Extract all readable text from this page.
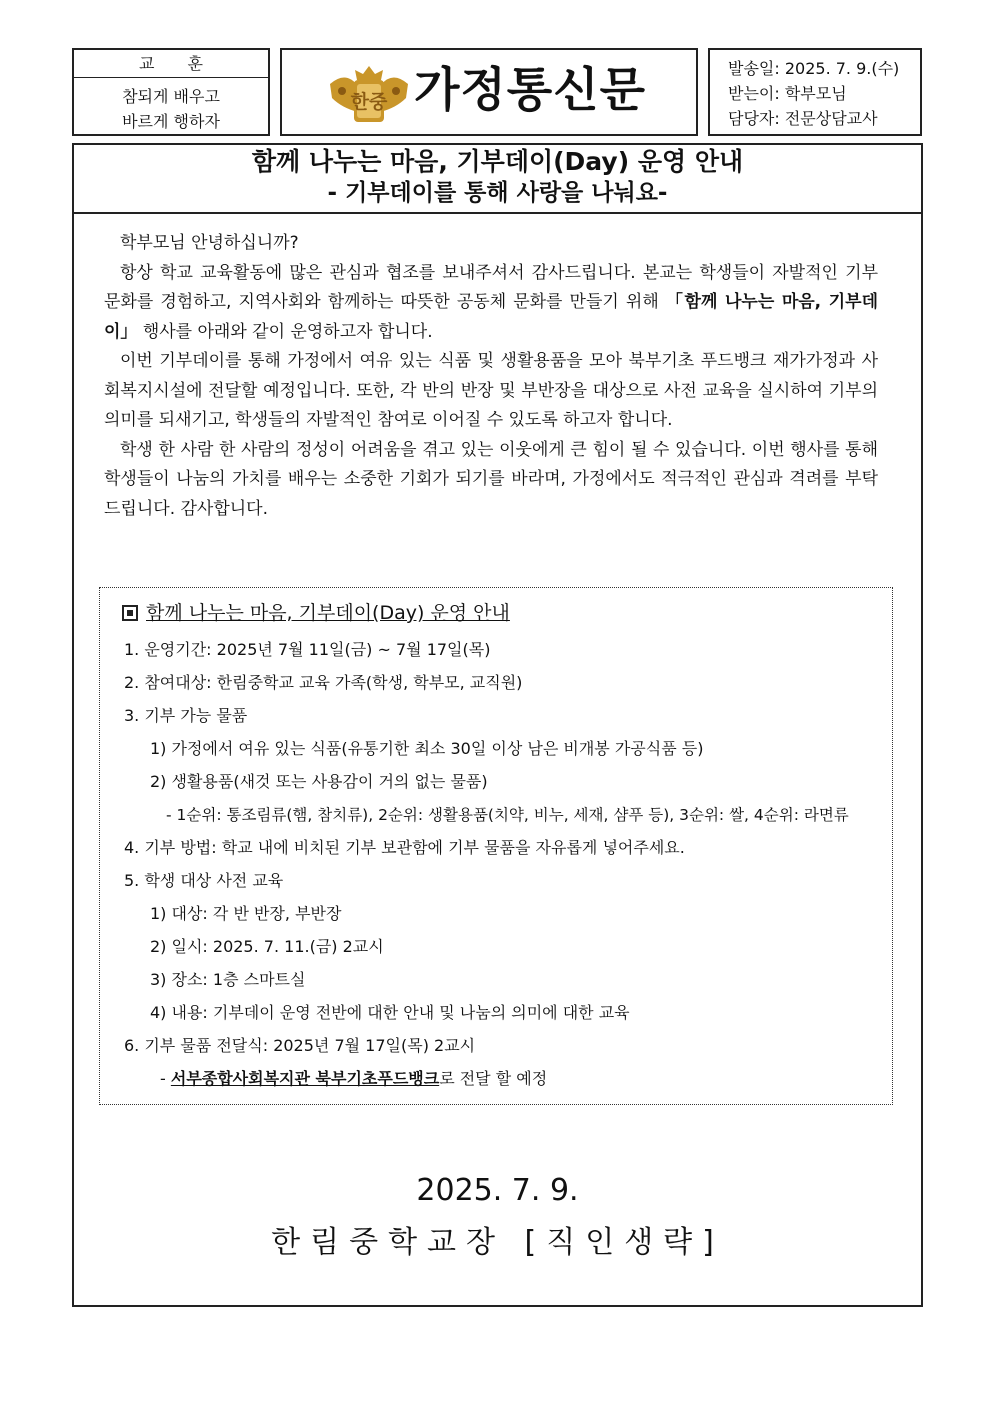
교 훈
참되게 배우고
바르게 행하자
한중 가정통신문	발송일: 2025. 7. 9.(수)
받는이: 학부모님
담당자: 전문상담교사
함께 나누는 마음, 기부데이(Day) 운영 안내
- 기부데이를 통해 사랑을 나눠요-

학부모님 안녕하십니까?

항상 학교 교육활동에 많은 관심과 협조를 보내주셔서 감사드립니다. 본교는 학생들이 자발적인 기부 문화를 경험하고, 지역사회와 함께하는 따뜻한 공동체 문화를 만들기 위해 「함께 나누는 마음, 기부데이」 행사를 아래와 같이 운영하고자 합니다.

이번 기부데이를 통해 가정에서 여유 있는 식품 및 생활용품을 모아 북부기초 푸드뱅크 재가가정과 사회복지시설에 전달할 예정입니다. 또한, 각 반의 반장 및 부반장을 대상으로 사전 교육을 실시하여 기부의 의미를 되새기고, 학생들의 자발적인 참여로 이어질 수 있도록 하고자 합니다.

학생 한 사람 한 사람의 정성이 어려움을 겪고 있는 이웃에게 큰 힘이 될 수 있습니다. 이번 행사를 통해 학생들이 나눔의 가치를 배우는 소중한 기회가 되기를 바라며, 가정에서도 적극적인 관심과 격려를 부탁드립니다. 감사합니다.

함께 나누는 마음, 기부데이(Day) 운영 안내
1. 운영기간: 2025년 7월 11일(금) ~ 7월 17일(목)
2. 참여대상: 한림중학교 교육 가족(학생, 학부모, 교직원)
3. 기부 가능 물품
1) 가정에서 여유 있는 식품(유통기한 최소 30일 이상 남은 비개봉 가공식품 등)
2) 생활용품(새것 또는 사용감이 거의 없는 물품)
- 1순위: 통조림류(햄, 참치류), 2순위: 생활용품(치약, 비누, 세재, 샴푸 등), 3순위: 쌀, 4순위: 라면류
4. 기부 방법: 학교 내에 비치된 기부 보관함에 기부 물품을 자유롭게 넣어주세요.
5. 학생 대상 사전 교육
1) 대상: 각 반 반장, 부반장
2) 일시: 2025. 7. 11.(금) 2교시
3) 장소: 1층 스마트실
4) 내용: 기부데이 운영 전반에 대한 안내 및 나눔의 의미에 대한 교육
6. 기부 물품 전달식: 2025년 7월 17일(목) 2교시
- 서부종합사회복지관 북부기초푸드뱅크로 전달 할 예정
2025. 7. 9.
한림중학교장 [직인생략]
